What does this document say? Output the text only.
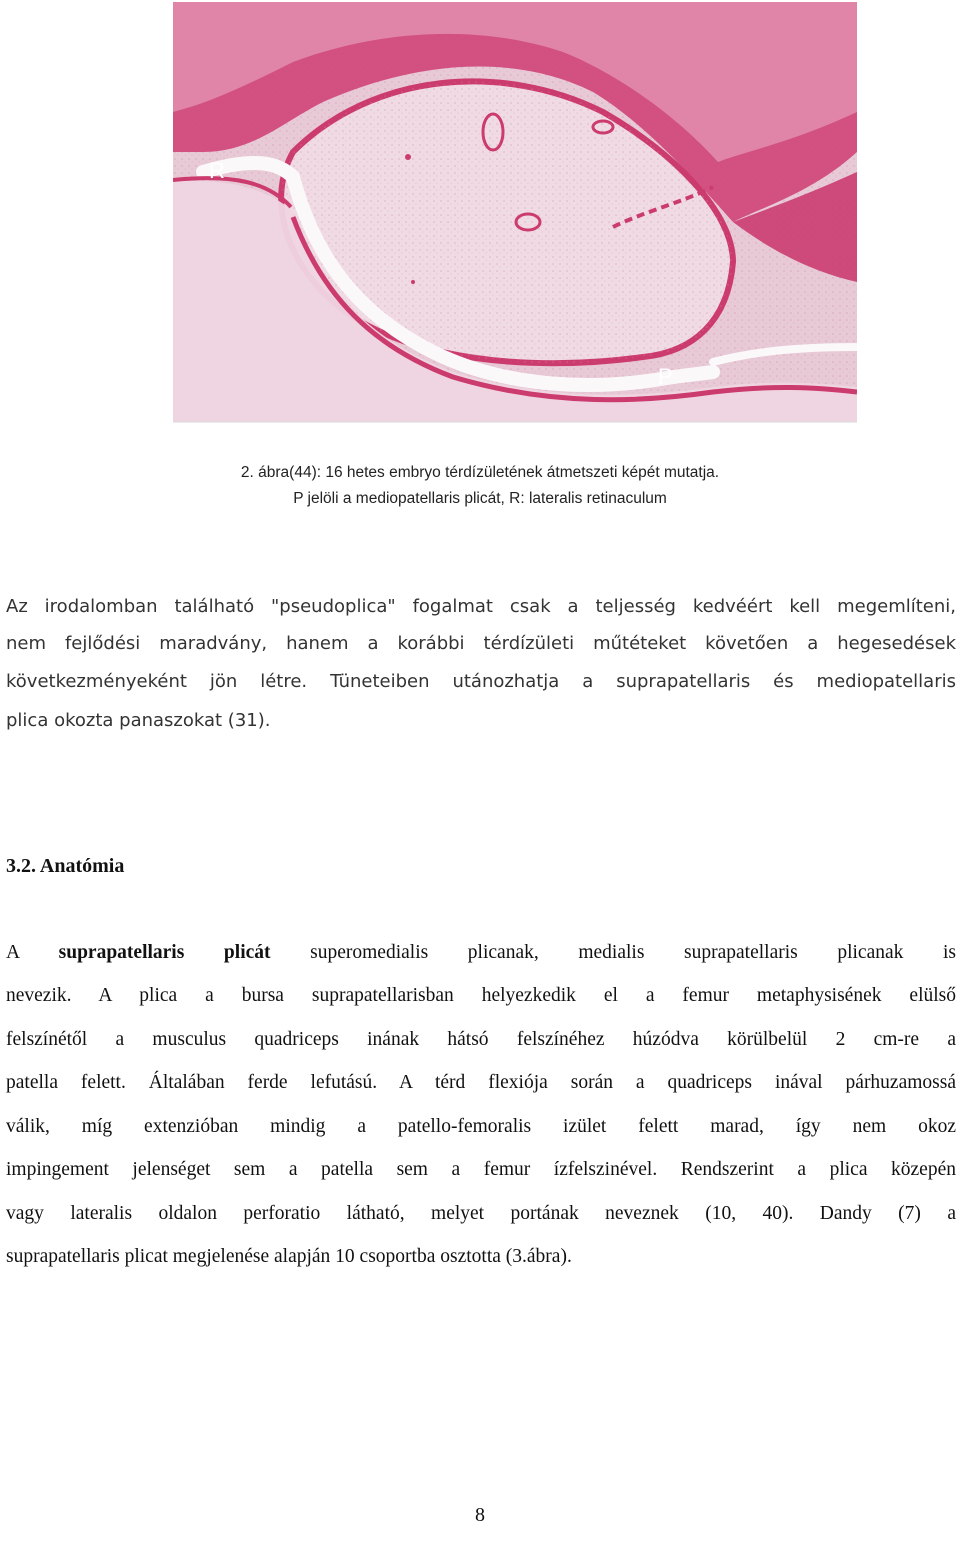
R
P
2. ábra(44): 16 hetes embryo térdízületének átmetszeti képét mutatja.
P jelöli a mediopatellaris plicát, R: lateralis retinaculum
Az irodalomban található "pseudoplica" fogalmat csak a teljesség kedvéért kell megemlíteni,
nem fejlődési maradvány, hanem a korábbi térdízületi műtéteket követően a hegesedések
következményeként jön létre. Tüneteiben utánozhatja a suprapatellaris és mediopatellaris
plica okozta panaszokat (31).
3.2. Anatómia
A suprapatellaris plicát superomedialis plicanak, medialis suprapatellaris plicanak is
nevezik. A plica a bursa suprapatellarisban helyezkedik el a femur metaphysisének elülső
felszínétől a musculus quadriceps inának hátsó felszínéhez húzódva körülbelül 2 cm-re a
patella felett. Általában ferde lefutású. A térd flexiója során a quadriceps inával párhuzamossá
válik, míg extenzióban mindig a patello-femoralis izület felett marad, így nem okoz
impingement jelenséget sem a patella sem a femur ízfelszinével. Rendszerint a plica közepén
vagy lateralis oldalon perforatio látható, melyet portának neveznek (10, 40). Dandy (7) a
suprapatellaris plicat megjelenése alapján 10 csoportba osztotta (3.ábra).
8
